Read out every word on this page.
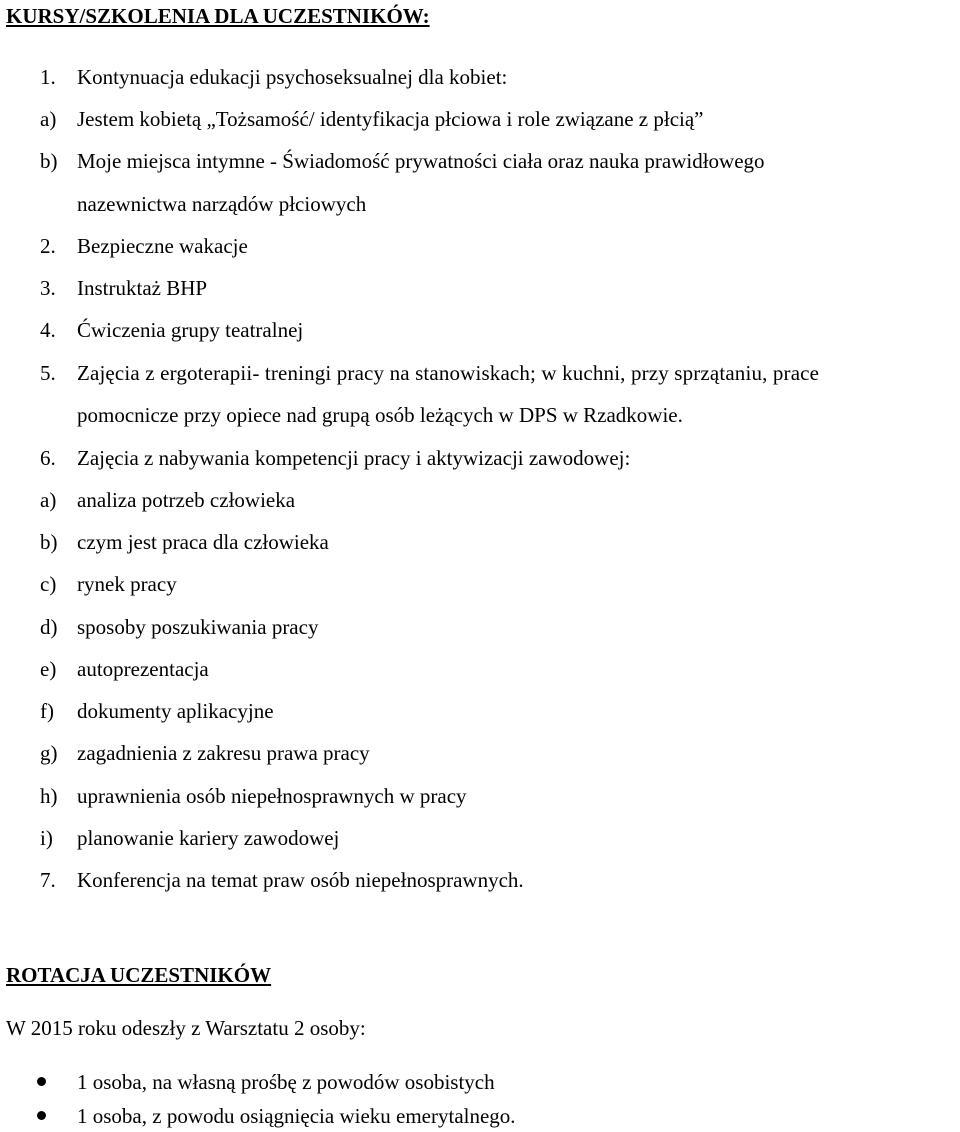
KURSY/SZKOLENIA DLA UCZESTNIKÓW:
1. Kontynuacja edukacji psychoseksualnej dla kobiet:
a) Jestem kobietą „Tożsamość/ identyfikacja płciowa i role związane z płcią”
b) Moje miejsca intymne - Świadomość prywatności ciała oraz nauka prawidłowego
nazewnictwa narządów płciowych
2. Bezpieczne wakacje
3. Instruktaż BHP
4. Ćwiczenia grupy teatralnej
5. Zajęcia z ergoterapii- treningi pracy na stanowiskach; w kuchni, przy sprzątaniu, prace
pomocnicze przy opiece nad grupą osób leżących w DPS w Rzadkowie.
6. Zajęcia z nabywania kompetencji pracy i aktywizacji zawodowej:
a) analiza potrzeb człowieka
b) czym jest praca dla człowieka
c) rynek pracy
d) sposoby poszukiwania pracy
e) autoprezentacja
f) dokumenty aplikacyjne
g) zagadnienia z zakresu prawa pracy
h) uprawnienia osób niepełnosprawnych w pracy
i) planowanie kariery zawodowej
7. Konferencja na temat praw osób niepełnosprawnych.
ROTACJA UCZESTNIKÓW
W 2015 roku odeszły z Warsztatu 2 osoby:
1 osoba, na własną prośbę z powodów osobistych
1 osoba, z powodu osiągnięcia wieku emerytalnego.
